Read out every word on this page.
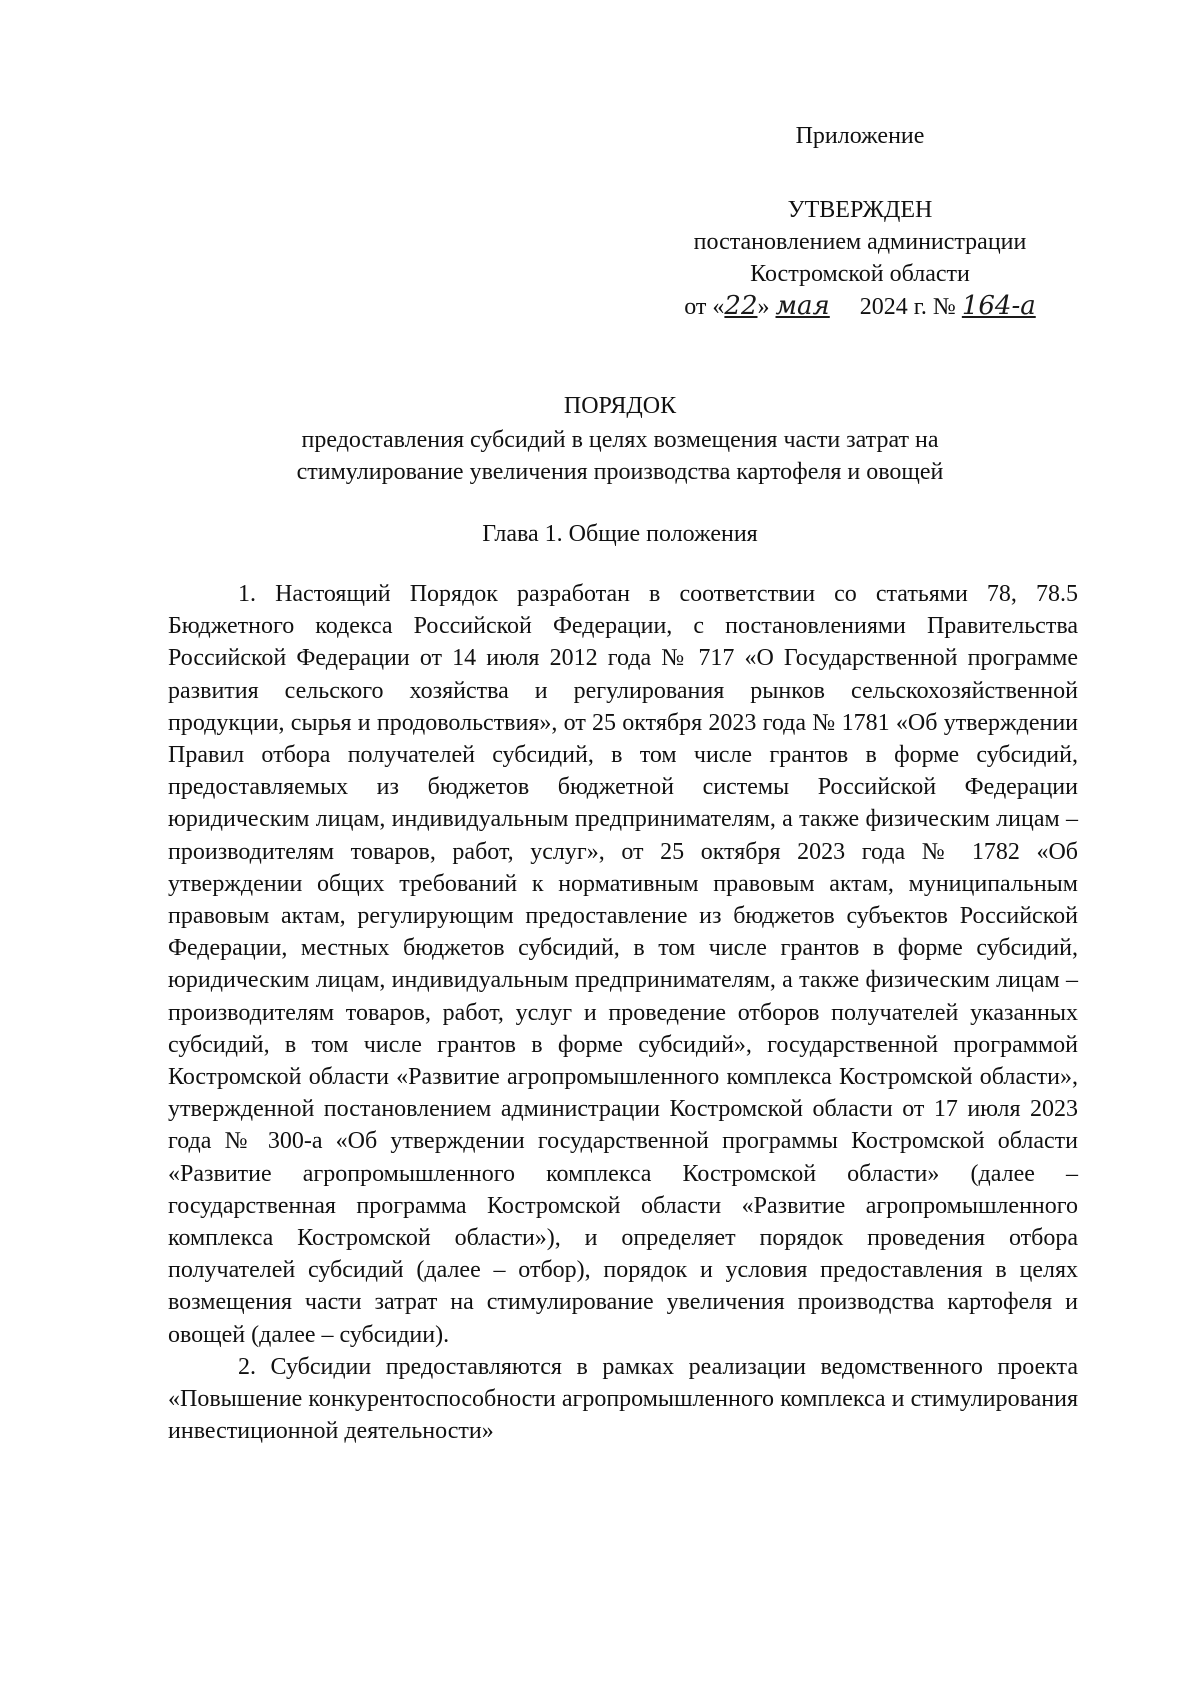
Приложение
УТВЕРЖДЕН
постановлением администрации
Костромской области
от «22» мая 2024 г. № 164-а
ПОРЯДОК
предоставления субсидий в целях возмещения части затрат на
стимулирование увеличения производства картофеля и овощей
Глава 1. Общие положения

1. Настоящий Порядок разработан в соответствии со статьями 78, 78.5 Бюджетного кодекса Российской Федерации, с постановлениями Правительства Российской Федерации от 14 июля 2012 года № 717 «О Государственной программе развития сельского хозяйства и регулирования рынков сельскохозяйственной продукции, сырья и продовольствия», от 25 октября 2023 года № 1781 «Об утверждении Правил отбора получателей субсидий, в том числе грантов в форме субсидий, предоставляемых из бюджетов бюджетной системы Российской Федерации юридическим лицам, индивидуальным предпринимателям, а также физическим лицам – производителям товаров, работ, услуг», от 25 октября 2023 года № 1782 «Об утверждении общих требований к нормативным правовым актам, муниципальным правовым актам, регулирующим предоставление из бюджетов субъектов Российской Федерации, местных бюджетов субсидий, в том числе грантов в форме субсидий, юридическим лицам, индивидуальным предпринимателям, а также физическим лицам – производителям товаров, работ, услуг и проведение отборов получателей указанных субсидий, в том числе грантов в форме субсидий», государственной программой Костромской области «Развитие агропромышленного комплекса Костромской области», утвержденной постановлением администрации Костромской области от 17 июля 2023 года № 300-а «Об утверждении государственной программы Костромской области «Развитие агропромышленного комплекса Костромской области» (далее – государственная программа Костромской области «Развитие агропромышленного комплекса Костромской области»), и определяет порядок проведения отбора получателей субсидий (далее – отбор), порядок и условия предоставления в целях возмещения части затрат на стимулирование увеличения производства картофеля и овощей (далее – субсидии).

2. Субсидии предоставляются в рамках реализации ведомственного проекта «Повышение конкурентоспособности агропромышленного комплекса и стимулирования инвестиционной деятельности»
